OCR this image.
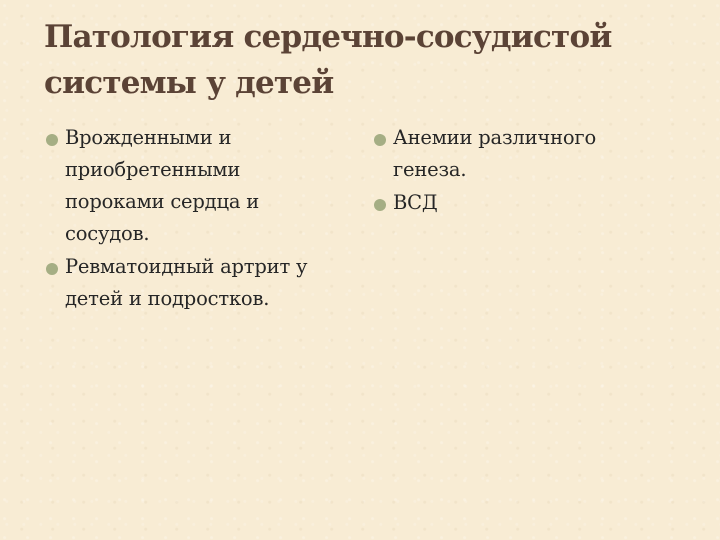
Патология сердечно-сосудистой
системы у детей
Врожденными и
приобретенными
пороками сердца и
сосудов.
Ревматоидный артрит у
детей и подростков.
Анемии различного
генеза.
ВСД
